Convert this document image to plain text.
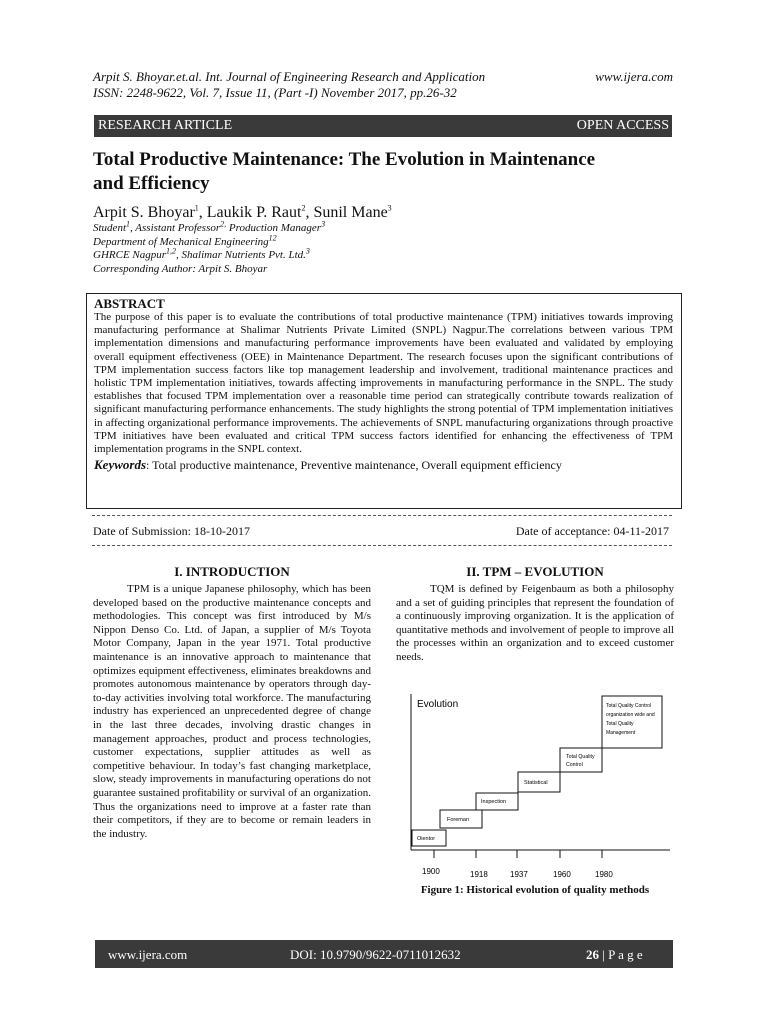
Arpit S. Bhoyar.et.al. Int. Journal of Engineering Research and Application	www.ijera.com
ISSN: 2248-9622, Vol. 7, Issue 11, (Part -I) November 2017, pp.26-32
RESEARCH ARTICLE	OPEN ACCESS
Total Productive Maintenance: The Evolution in Maintenance
and Efficiency
Arpit S. Bhoyar$^1$, Laukik P. Raut$^2$, Sunil Mane$^3$
Student$^1$, Assistant Professor$^{2,}$ Production Manager$^3$
Department of Mechanical Engineering$^{12}$
GHRCE Nagpur$^{1,2}$, Shalimar Nutrients Pvt. Ltd.$^3$
Corresponding Author: Arpit S. Bhoyar
ABSTRACT
The purpose of this paper is to evaluate the contributions of total productive maintenance (TPM) initiatives towards improving manufacturing performance at Shalimar Nutrients Private Limited (SNPL) Nagpur.The correlations between various TPM implementation dimensions and manufacturing performance improvements have been evaluated and validated by employing overall equipment effectiveness (OEE) in Maintenance Department. The research focuses upon the significant contributions of TPM implementation success factors like top management leadership and involvement, traditional maintenance practices and holistic TPM implementation initiatives, towards affecting improvements in manufacturing performance in the SNPL. The study establishes that focused TPM implementation over a reasonable time period can strategically contribute towards realization of significant manufacturing performance enhancements. The study highlights the strong potential of TPM implementation initiatives in affecting organizational performance improvements. The achievements of SNPL manufacturing organizations through proactive TPM initiatives have been evaluated and critical TPM success factors identified for enhancing the effectiveness of TPM implementation programs in the SNPL context.
Keywords: Total productive maintenance, Preventive maintenance, Overall equipment efficiency
Date of Submission: 18-10-2017	Date of acceptance: 04-11-2017
I. INTRODUCTION

TPM is a unique Japanese philosophy, which has been developed based on the productive maintenance concepts and methodologies. This concept was first introduced by M/s Nippon Denso Co. Ltd. of Japan, a supplier of M/s Toyota Motor Company, Japan in the year 1971. Total productive maintenance is an innovative approach to maintenance that optimizes equipment effectiveness, eliminates breakdowns and promotes autonomous maintenance by operators through day-to-day activities involving total workforce. The manufacturing industry has experienced an unprecedented degree of change in the last three decades, involving drastic changes in management approaches, product and process technologies, customer expectations, supplier attitudes as well as competitive behaviour. In today’s fast changing marketplace, slow, steady improvements in manufacturing operations do not guarantee sustained profitability or survival of an organization. Thus the organizations need to improve at a faster rate than their competitors, if they are to become or remain leaders in the industry.

II. TPM – EVOLUTION

TQM is defined by Feigenbaum as both a philosophy and a set of guiding principles that represent the foundation of a continuously improving organization. It is the application of quantitative methods and involvement of people to improve all the processes within an organization and to exceed customer needs.

Evolution
1900	1918	1937	1960	1980
Oientor
Foreman
Inspection
Statistical
Total Quality
Control
Total Quality Control
organization wide and
Total Quality
Management
Figure 1: Historical evolution of quality methods
www.ijera.com	DOI: 10.9790/9622-0711012632	26 | P a g e
